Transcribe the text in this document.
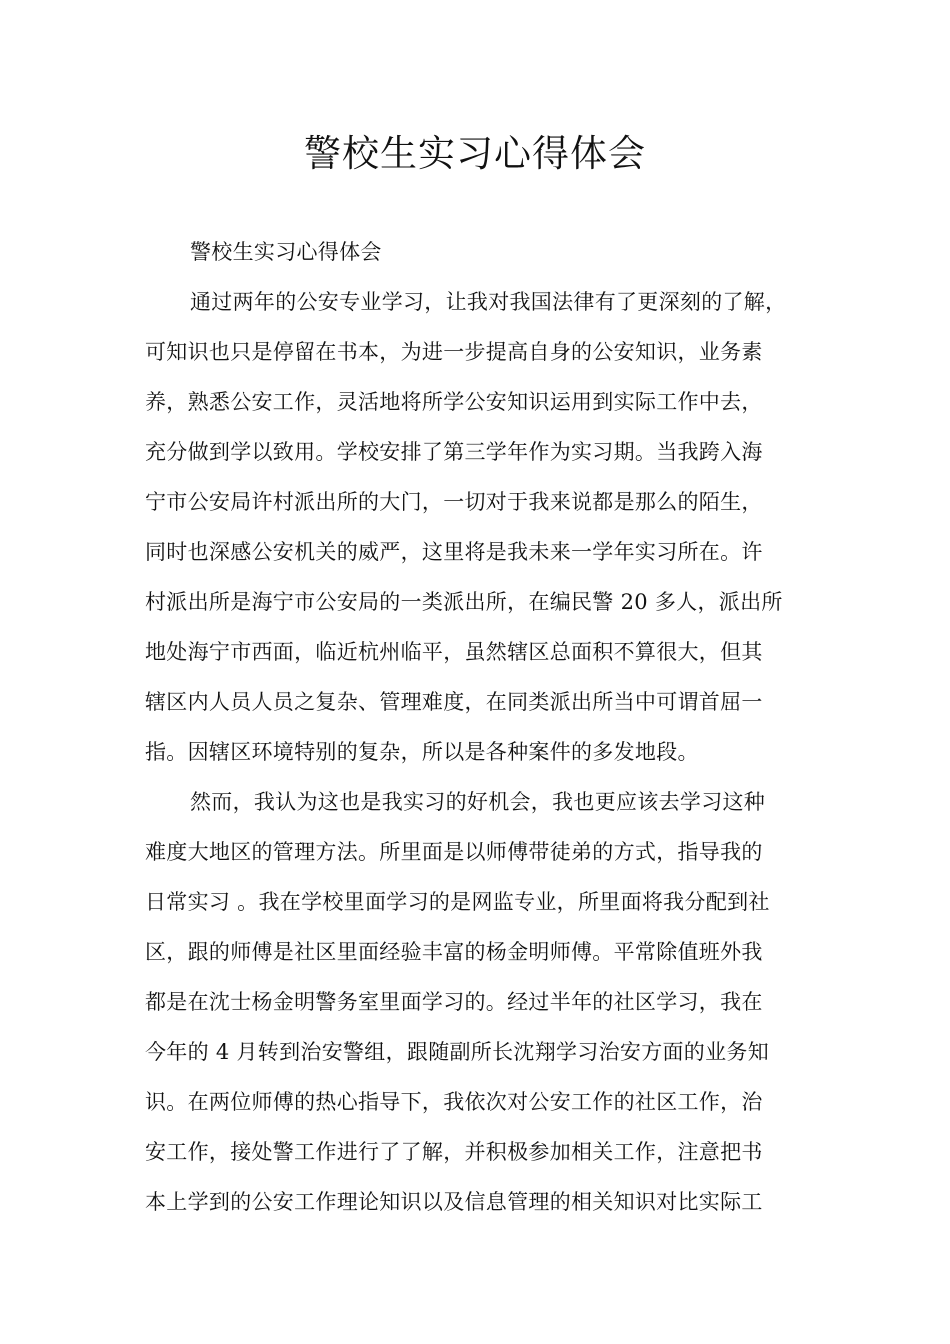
警校生实习心得体会
警校生实习心得体会
通过两年的公安专业学习，让我对我国法律有了更深刻的了解，
可知识也只是停留在书本，为进一步提高自身的公安知识，业务素
养，熟悉公安工作，灵活地将所学公安知识运用到实际工作中去，
充分做到学以致用。学校安排了第三学年作为实习期。当我跨入海
宁市公安局许村派出所的大门，一切对于我来说都是那么的陌生，
同时也深感公安机关的威严，这里将是我未来一学年实习所在。许
村派出所是海宁市公安局的一类派出所，在编民警 20 多人，派出所
地处海宁市西面，临近杭州临平，虽然辖区总面积不算很大，但其
辖区内人员人员之复杂、管理难度，在同类派出所当中可谓首屈一
指。因辖区环境特别的复杂，所以是各种案件的多发地段。
然而，我认为这也是我实习的好机会，我也更应该去学习这种
难度大地区的管理方法。所里面是以师傅带徒弟的方式，指导我的
日常实习 。我在学校里面学习的是网监专业，所里面将我分配到社
区，跟的师傅是社区里面经验丰富的杨金明师傅。平常除值班外我
都是在沈士杨金明警务室里面学习的。经过半年的社区学习，我在
今年的 4 月转到治安警组，跟随副所长沈翔学习治安方面的业务知
识。在两位师傅的热心指导下，我依次对公安工作的社区工作，治
安工作，接处警工作进行了了解，并积极参加相关工作，注意把书
本上学到的公安工作理论知识以及信息管理的相关知识对比实际工
